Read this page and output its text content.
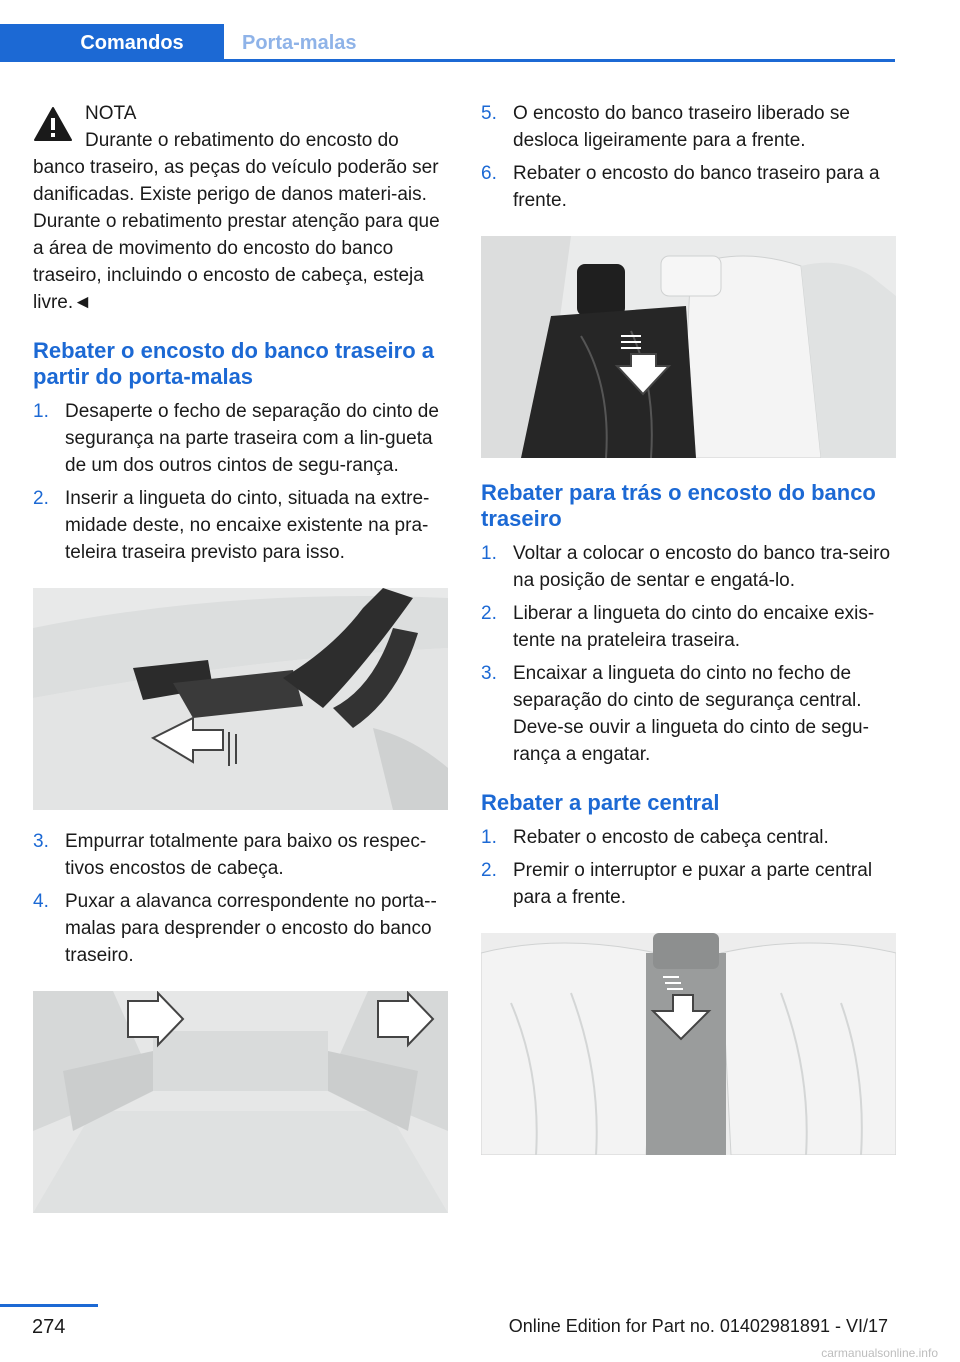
Comandos	Porta-malas
NOTA

Durante o rebatimento do encosto do banco traseiro, as peças do veículo poderão ser danificadas. Existe perigo de danos materi-ais. Durante o rebatimento prestar atenção para que a área de movimento do encosto do banco traseiro, incluindo o encosto de cabeça, esteja livre.◄

Rebater o encosto do banco traseiro a partir do porta-malas
1. Desaperte o fecho de separação do cinto de segurança na parte traseira com a lin-gueta de um dos outros cintos de segu-rança.
2. Inserir a lingueta do cinto, situada na extre-midade deste, no encaixe existente na pra-teleira traseira previsto para isso.
3. Empurrar totalmente para baixo os respec-tivos encostos de cabeça.
4. Puxar a alavanca correspondente no porta--malas para desprender o encosto do banco traseiro.
5. O encosto do banco traseiro liberado se desloca ligeiramente para a frente.
6. Rebater o encosto do banco traseiro para a frente.
Rebater para trás o encosto do banco traseiro
1. Voltar a colocar o encosto do banco tra-seiro na posição de sentar e engatá-lo.
2. Liberar a lingueta do cinto do encaixe exis-tente na prateleira traseira.
3. Encaixar a lingueta do cinto no fecho de separação do cinto de segurança central. Deve-se ouvir a lingueta do cinto de segu-rança a engatar.
Rebater a parte central
1. Rebater o encosto de cabeça central.
2. Premir o interruptor e puxar a parte central para a frente.
274	Online Edition for Part no. 01402981891 - VI/17
carmanualsonline.info
